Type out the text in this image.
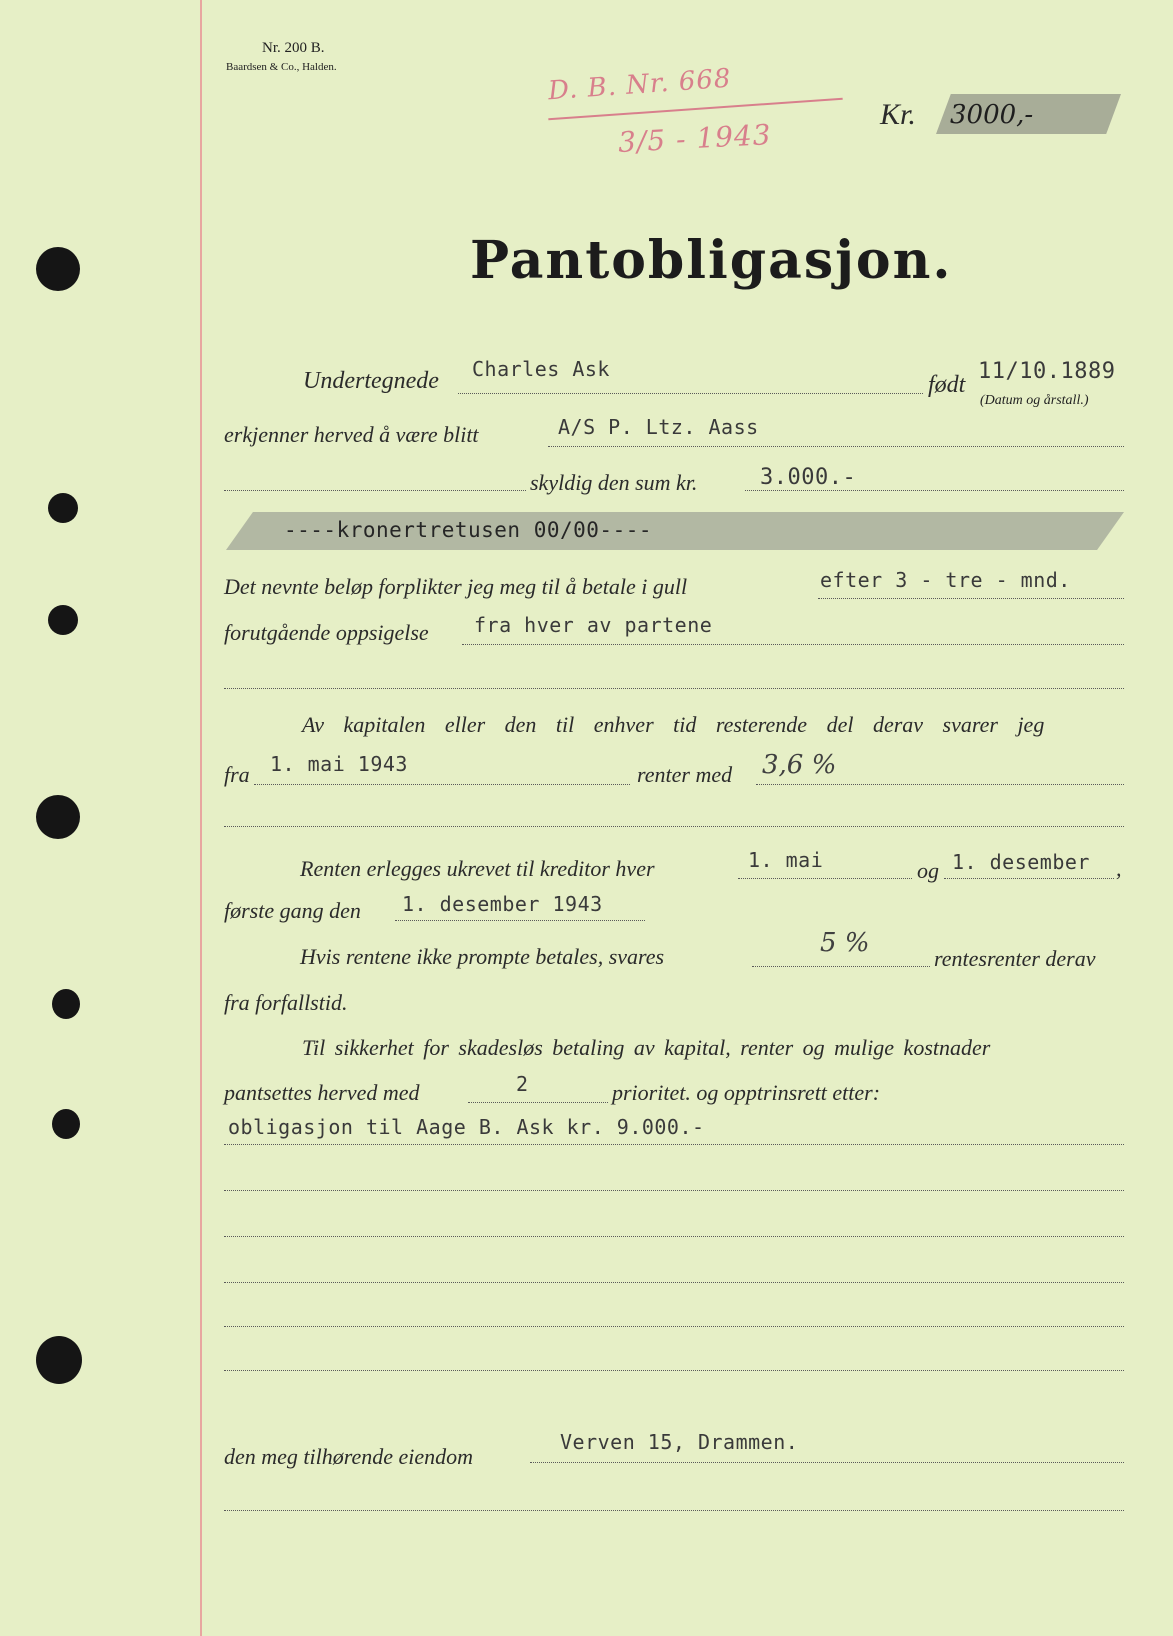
Nr. 200 B.
Baardsen & Co., Halden.	D. B. Nr. 668
3/5 - 1943
Kr. 3000,-
Pantobligasjon.
Undertegnede Charles Ask
født
11/10.1889
(Datum og årstall.)
erkjenner herved å være blitt	A/S P. Ltz. Aass
skyldig den sum kr.	3.000.-
----kronertretusen 00/00----
Det nevnte beløp forplikter jeg meg til å betale i gull	efter 3 - tre - mnd.
forutgående oppsigelse fra hver av partene
Av kapitalen eller den til enhver tid resterende del derav svarer jeg
fra 1. mai 1943	renter med 3,6 %
Renten erlegges ukrevet til kreditor hver	1. mai	og 1. desember ,
første gang den 1. desember 1943
Hvis rentene ikke prompte betales, svares	5 %
rentesrenter derav
fra forfallstid.
Til sikkerhet for skadesløs betaling av kapital, renter og mulige kostnader
pantsettes herved med	2	prioritet. og opptrinsrett etter:
obligasjon til Aage B. Ask kr. 9.000.-
den meg tilhørende eiendom
Verven 15, Drammen.
